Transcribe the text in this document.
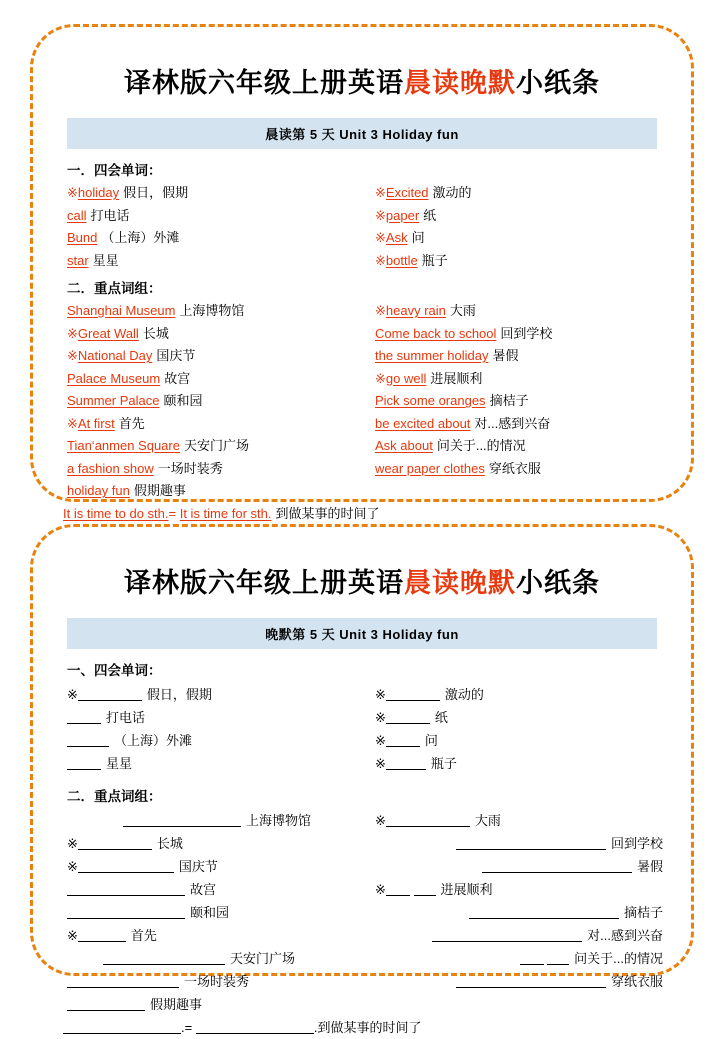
译林版六年级上册英语晨读晚默小纸条
晨读第 5 天 Unit 3 Holiday fun
一．四会单词：
※holiday 假日，假期
call 打电话
Bund （上海）外滩
star 星星
※Excited 激动的
※paper 纸
※Ask 问
※bottle 瓶子
二．重点词组：
Shanghai Museum 上海博物馆
※Great Wall 长城
※National Day 国庆节
Palace Museum 故宫
Summer Palace 颐和园
※At first 首先
Tian‘anmen Square 天安门广场
a fashion show 一场时装秀
holiday fun 假期趣事
※heavy rain 大雨
Come back to school 回到学校
the summer holiday 暑假
※go well 进展顺利
Pick some oranges 摘桔子
be excited about 对...感到兴奋
Ask about 问关于...的情况
wear paper clothes 穿纸衣服
It is time to do sth.= It is time for sth. 到做某事的时间了
译林版六年级上册英语晨读晚默小纸条
晚默第 5 天 Unit 3 Holiday fun
一、四会单词：
※	假日，假期
打电话
（上海）外滩
星星
※	激动的
※	纸
※	问
※	瓶子
二．重点词组：
上海博物馆
※	长城
※	国庆节
故宫
颐和园
※	首先
天安门广场
一场时装秀
假期趣事
※	大雨
回到学校
暑假
※	进展顺利
摘桔子
对...感到兴奋
问关于...的情况
穿纸衣服
.=	.到做某事的时间了
